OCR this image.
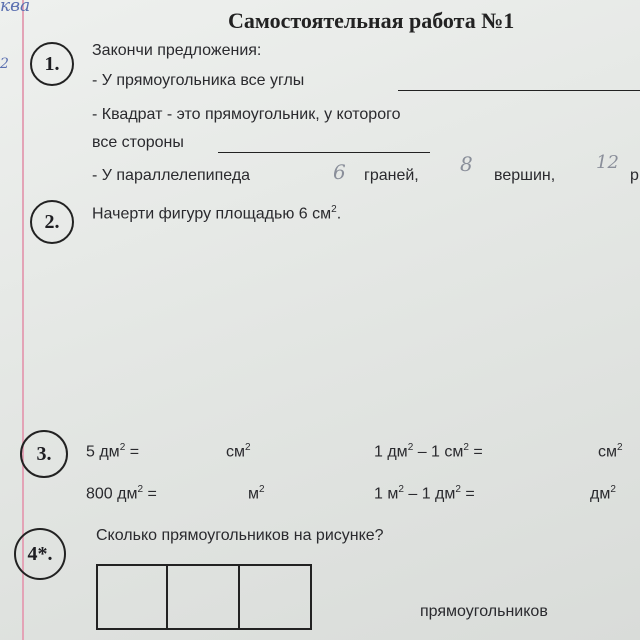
ква
2
Самостоятельная работа №1
1.
Закончи предложения:
- У прямоугольника все углы
- Квадрат - это прямоугольник, у которого
все стороны
- У параллелепипеда	6 граней, 8 вершин,
12
р
2. Начерти фигуру площадью 6 $см^2$.
3. 5 $дм^2$ =	$см^2$	1 $дм^2 - 1$ $см^2$ =	$см^2$
800 $дм^2$ =	$м^2$	1 $м^2 - 1$ $дм^2$ =	$дм^2$
4*.
Сколько прямоугольников на рисунке?
прямоугольников
